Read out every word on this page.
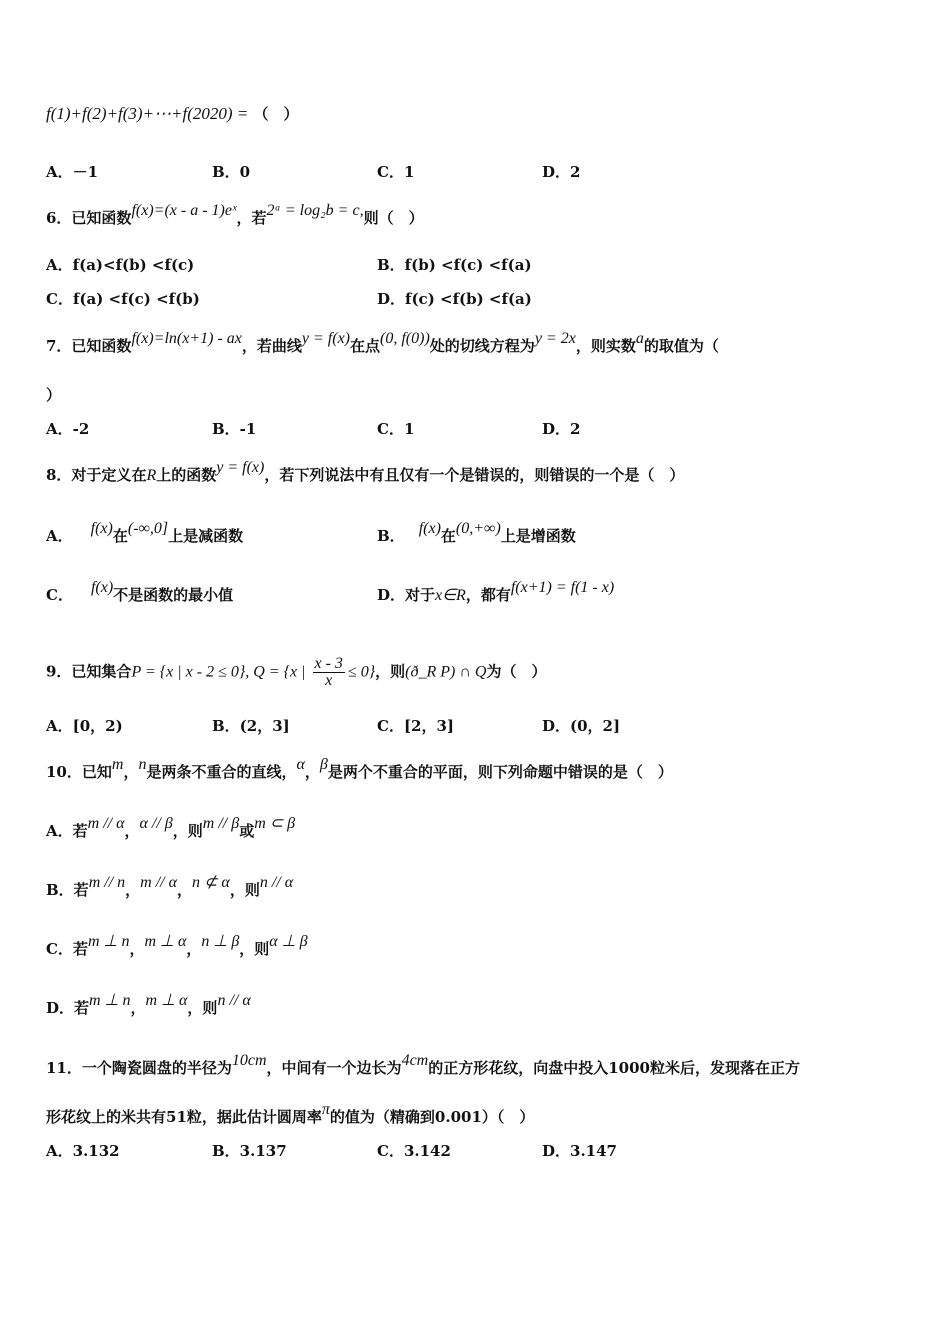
f(1)+f(2)+f(3)+⋯+f(2020) = （　）
A．－1	B．0	C．1	D．2
6．已知函数f(x)=(x - a - 1)eˣ，若2ᵃ = log₂b = c,则（　）
A．f(a)<f(b) <f(c)	B．f(b) <f(c) <f(a)
C．f(a) <f(c) <f(b)	D．f(c) <f(b) <f(a)
7．已知函数f(x)=ln(x+1) - ax，若曲线y = f(x)在点(0, f(0))处的切线方程为y = 2x，则实数a的取值为（
）
A．-2	B．-1	C．1	D．2
8．对于定义在R上的函数y = f(x)，若下列说法中有且仅有一个是错误的，则错误的一个是（　）
A． f(x)在(-∞,0]上是减函数	B． f(x)在(0,+∞)上是增函数
C． f(x)不是函数的最小值	D．对于x∈R，都有f(x+1) = f(1 - x)
9．已知集合P = {x | x - 2 ≤ 0}, Q = {x | $\frac{x - 3}{x} \le 0$}，则(ð_R P) ∩ Q为（　）
A．[0，2)	B．(2，3]	C．[2，3]	D．(0，2]
10．已知m，n是两条不重合的直线，α，β是两个不重合的平面，则下列命题中错误的是（　）
A．若m // α，α // β，则m // β或m ⊂ β
B．若m // n，m // α，n ⊄ α，则n // α
C．若m ⊥ n，m ⊥ α，n ⊥ β，则α ⊥ β
D．若m ⊥ n，m ⊥ α，则n // α
11．一个陶瓷圆盘的半径为10cm，中间有一个边长为4cm的正方形花纹，向盘中投入1000粒米后，发现落在正方
形花纹上的米共有51粒，据此估计圆周率π的值为（精确到0.001）（　）
A．3.132	B．3.137	C．3.142	D．3.147
